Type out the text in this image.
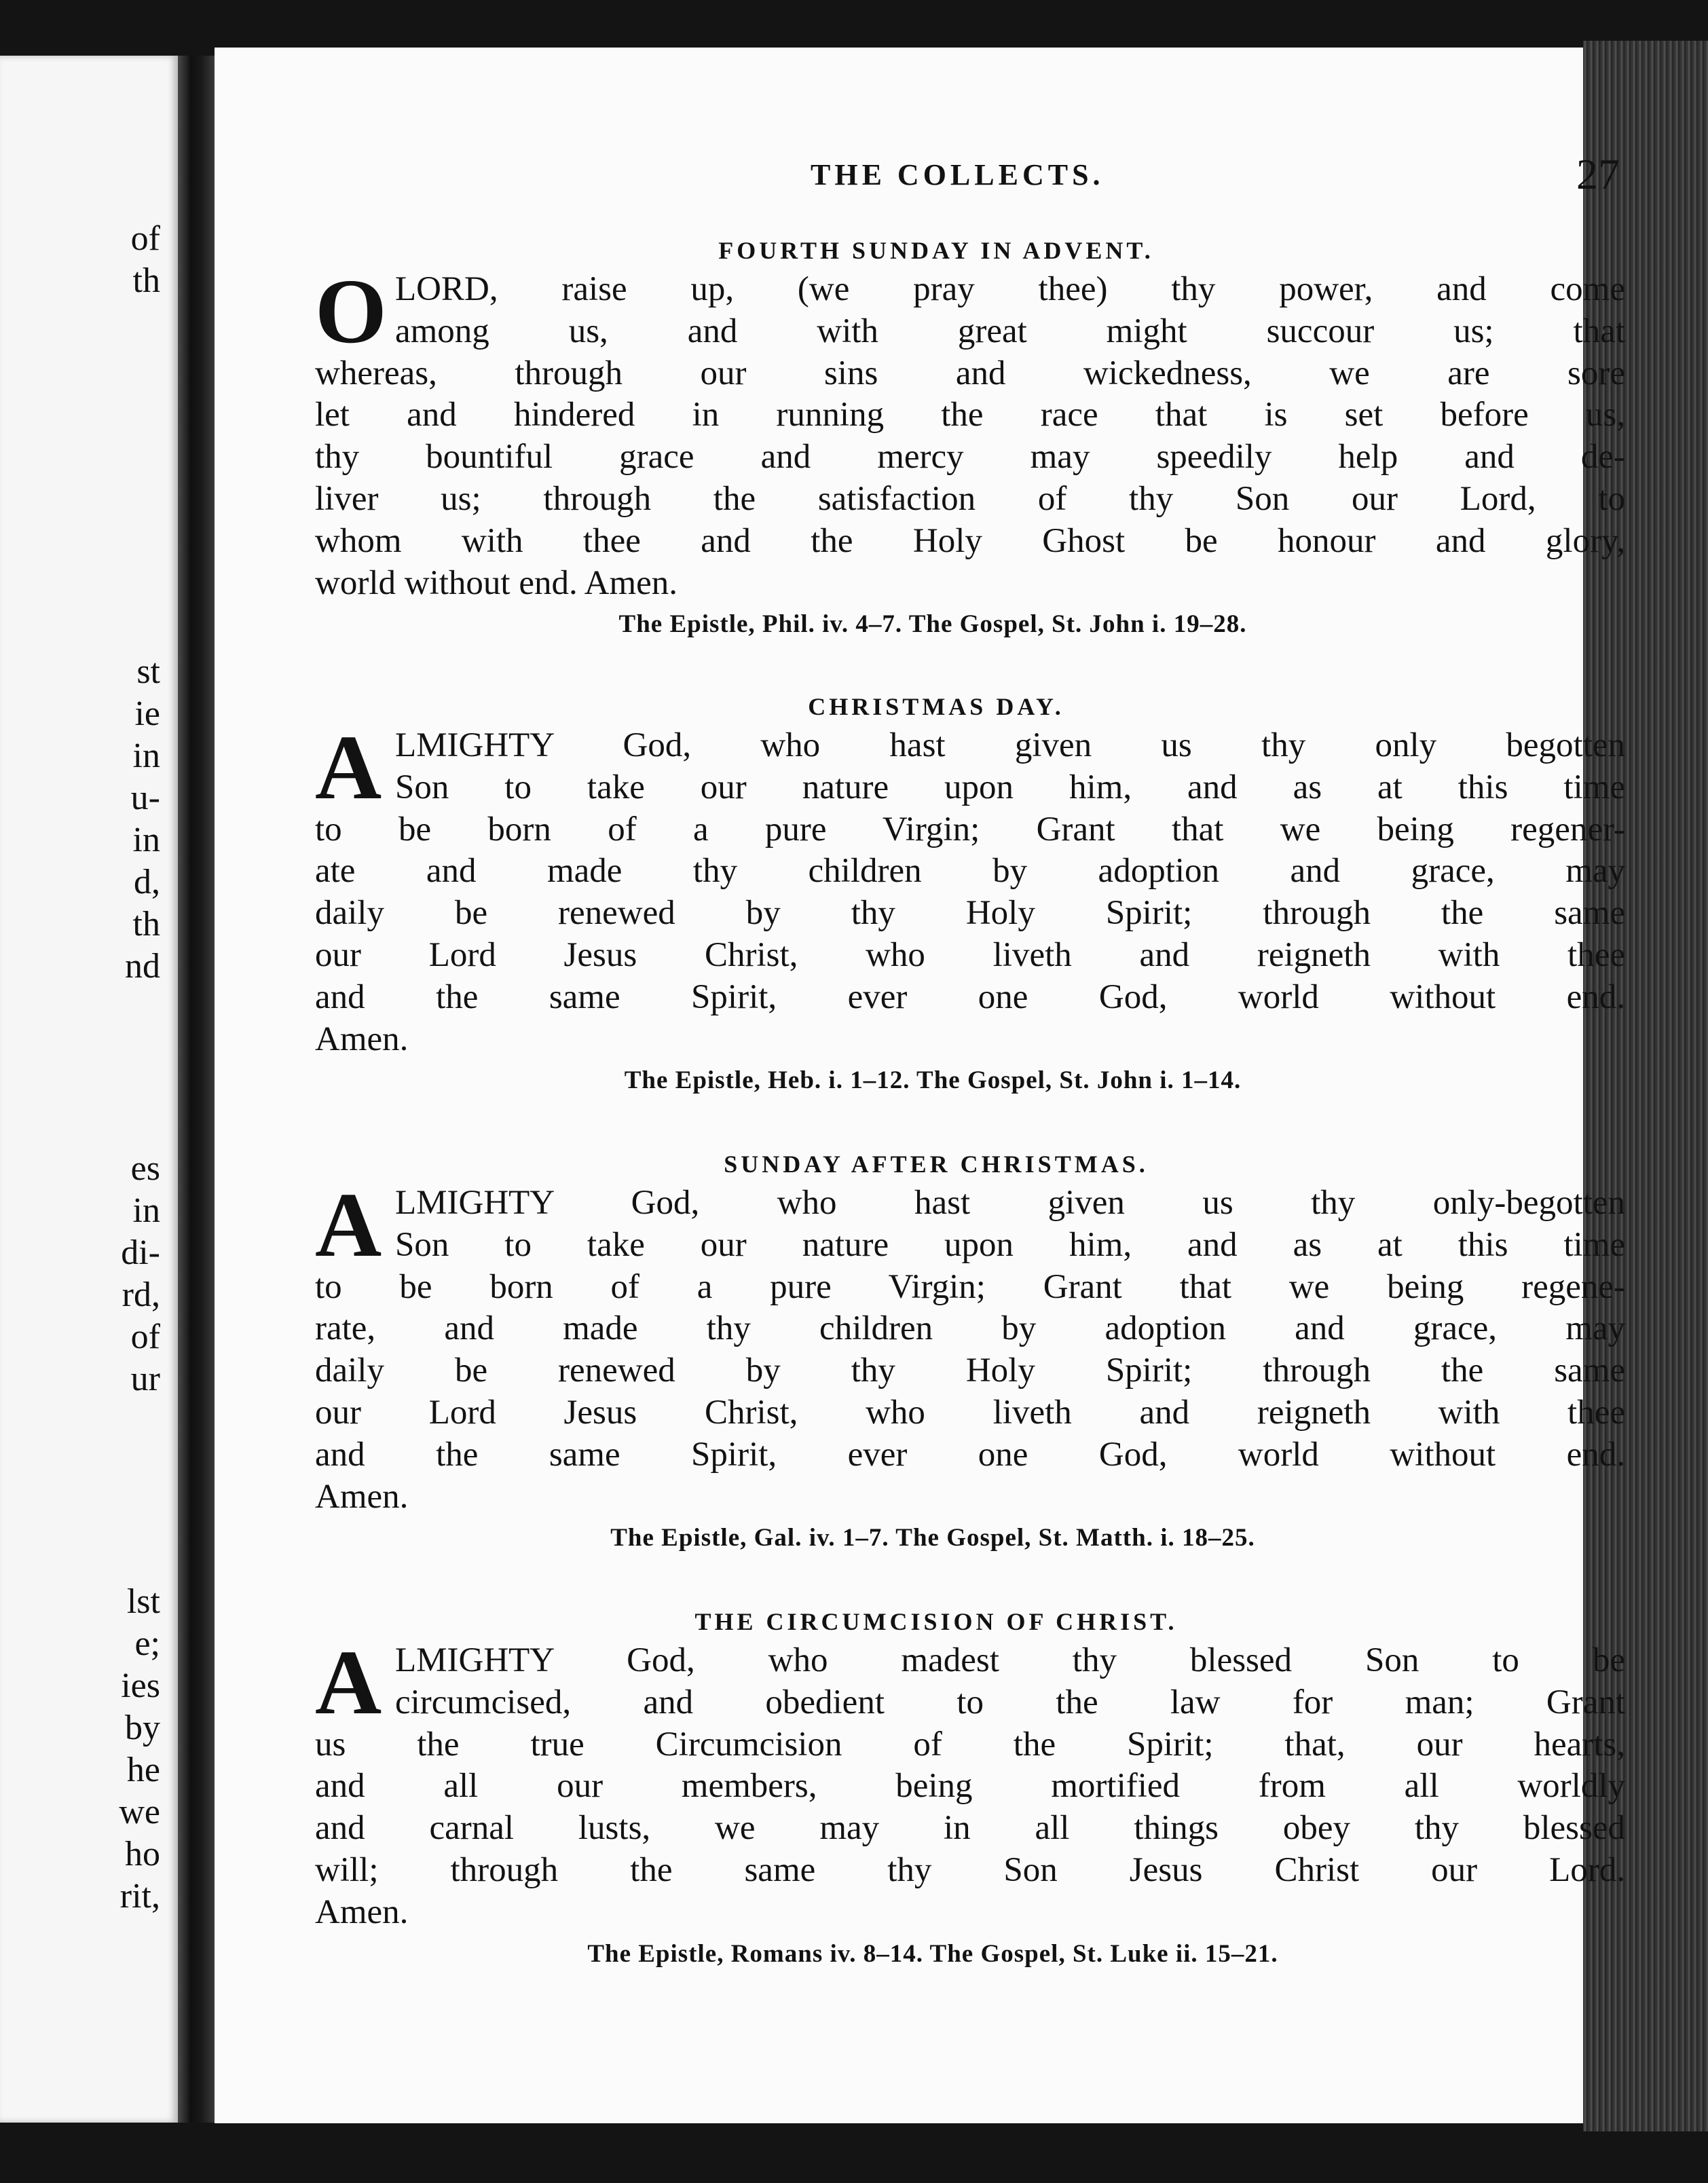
of
th
st
ie
in
u-
in
d,
th
nd
es
in
di-
rd,
of
ur
lst
e;
ies
by
he
we
ho
rit,
THE COLLECTS.	27
FOURTH SUNDAY IN ADVENT.
O LORD, raise up, (we pray thee) thy power, and come
among us, and with great might succour us; that
whereas, through our sins and wickedness, we are sore
let and hindered in running the race that is set before us,
thy bountiful grace and mercy may speedily help and de-
liver us; through the satisfaction of thy Son our Lord, to
whom with thee and the Holy Ghost be honour and glory,
world without end. Amen.
The Epistle, Phil. iv. 4–7. The Gospel, St. John i. 19–28.
CHRISTMAS DAY.
A LMIGHTY God, who hast given us thy only begotten
Son to take our nature upon him, and as at this time
to be born of a pure Virgin; Grant that we being regener-
ate and made thy children by adoption and grace, may
daily be renewed by thy Holy Spirit; through the same
our Lord Jesus Christ, who liveth and reigneth with thee
and the same Spirit, ever one God, world without end.
Amen.
The Epistle, Heb. i. 1–12. The Gospel, St. John i. 1–14.
SUNDAY AFTER CHRISTMAS.
A LMIGHTY God, who hast given us thy only-begotten
Son to take our nature upon him, and as at this time
to be born of a pure Virgin; Grant that we being regene-
rate, and made thy children by adoption and grace, may
daily be renewed by thy Holy Spirit; through the same
our Lord Jesus Christ, who liveth and reigneth with thee
and the same Spirit, ever one God, world without end.
Amen.
The Epistle, Gal. iv. 1–7. The Gospel, St. Matth. i. 18–25.
THE CIRCUMCISION OF CHRIST.
A LMIGHTY God, who madest thy blessed Son to be
circumcised, and obedient to the law for man; Grant
us the true Circumcision of the Spirit; that, our hearts,
and all our members, being mortified from all worldly
and carnal lusts, we may in all things obey thy blessed
will; through the same thy Son Jesus Christ our Lord.
Amen.
The Epistle, Romans iv. 8–14. The Gospel, St. Luke ii. 15–21.
